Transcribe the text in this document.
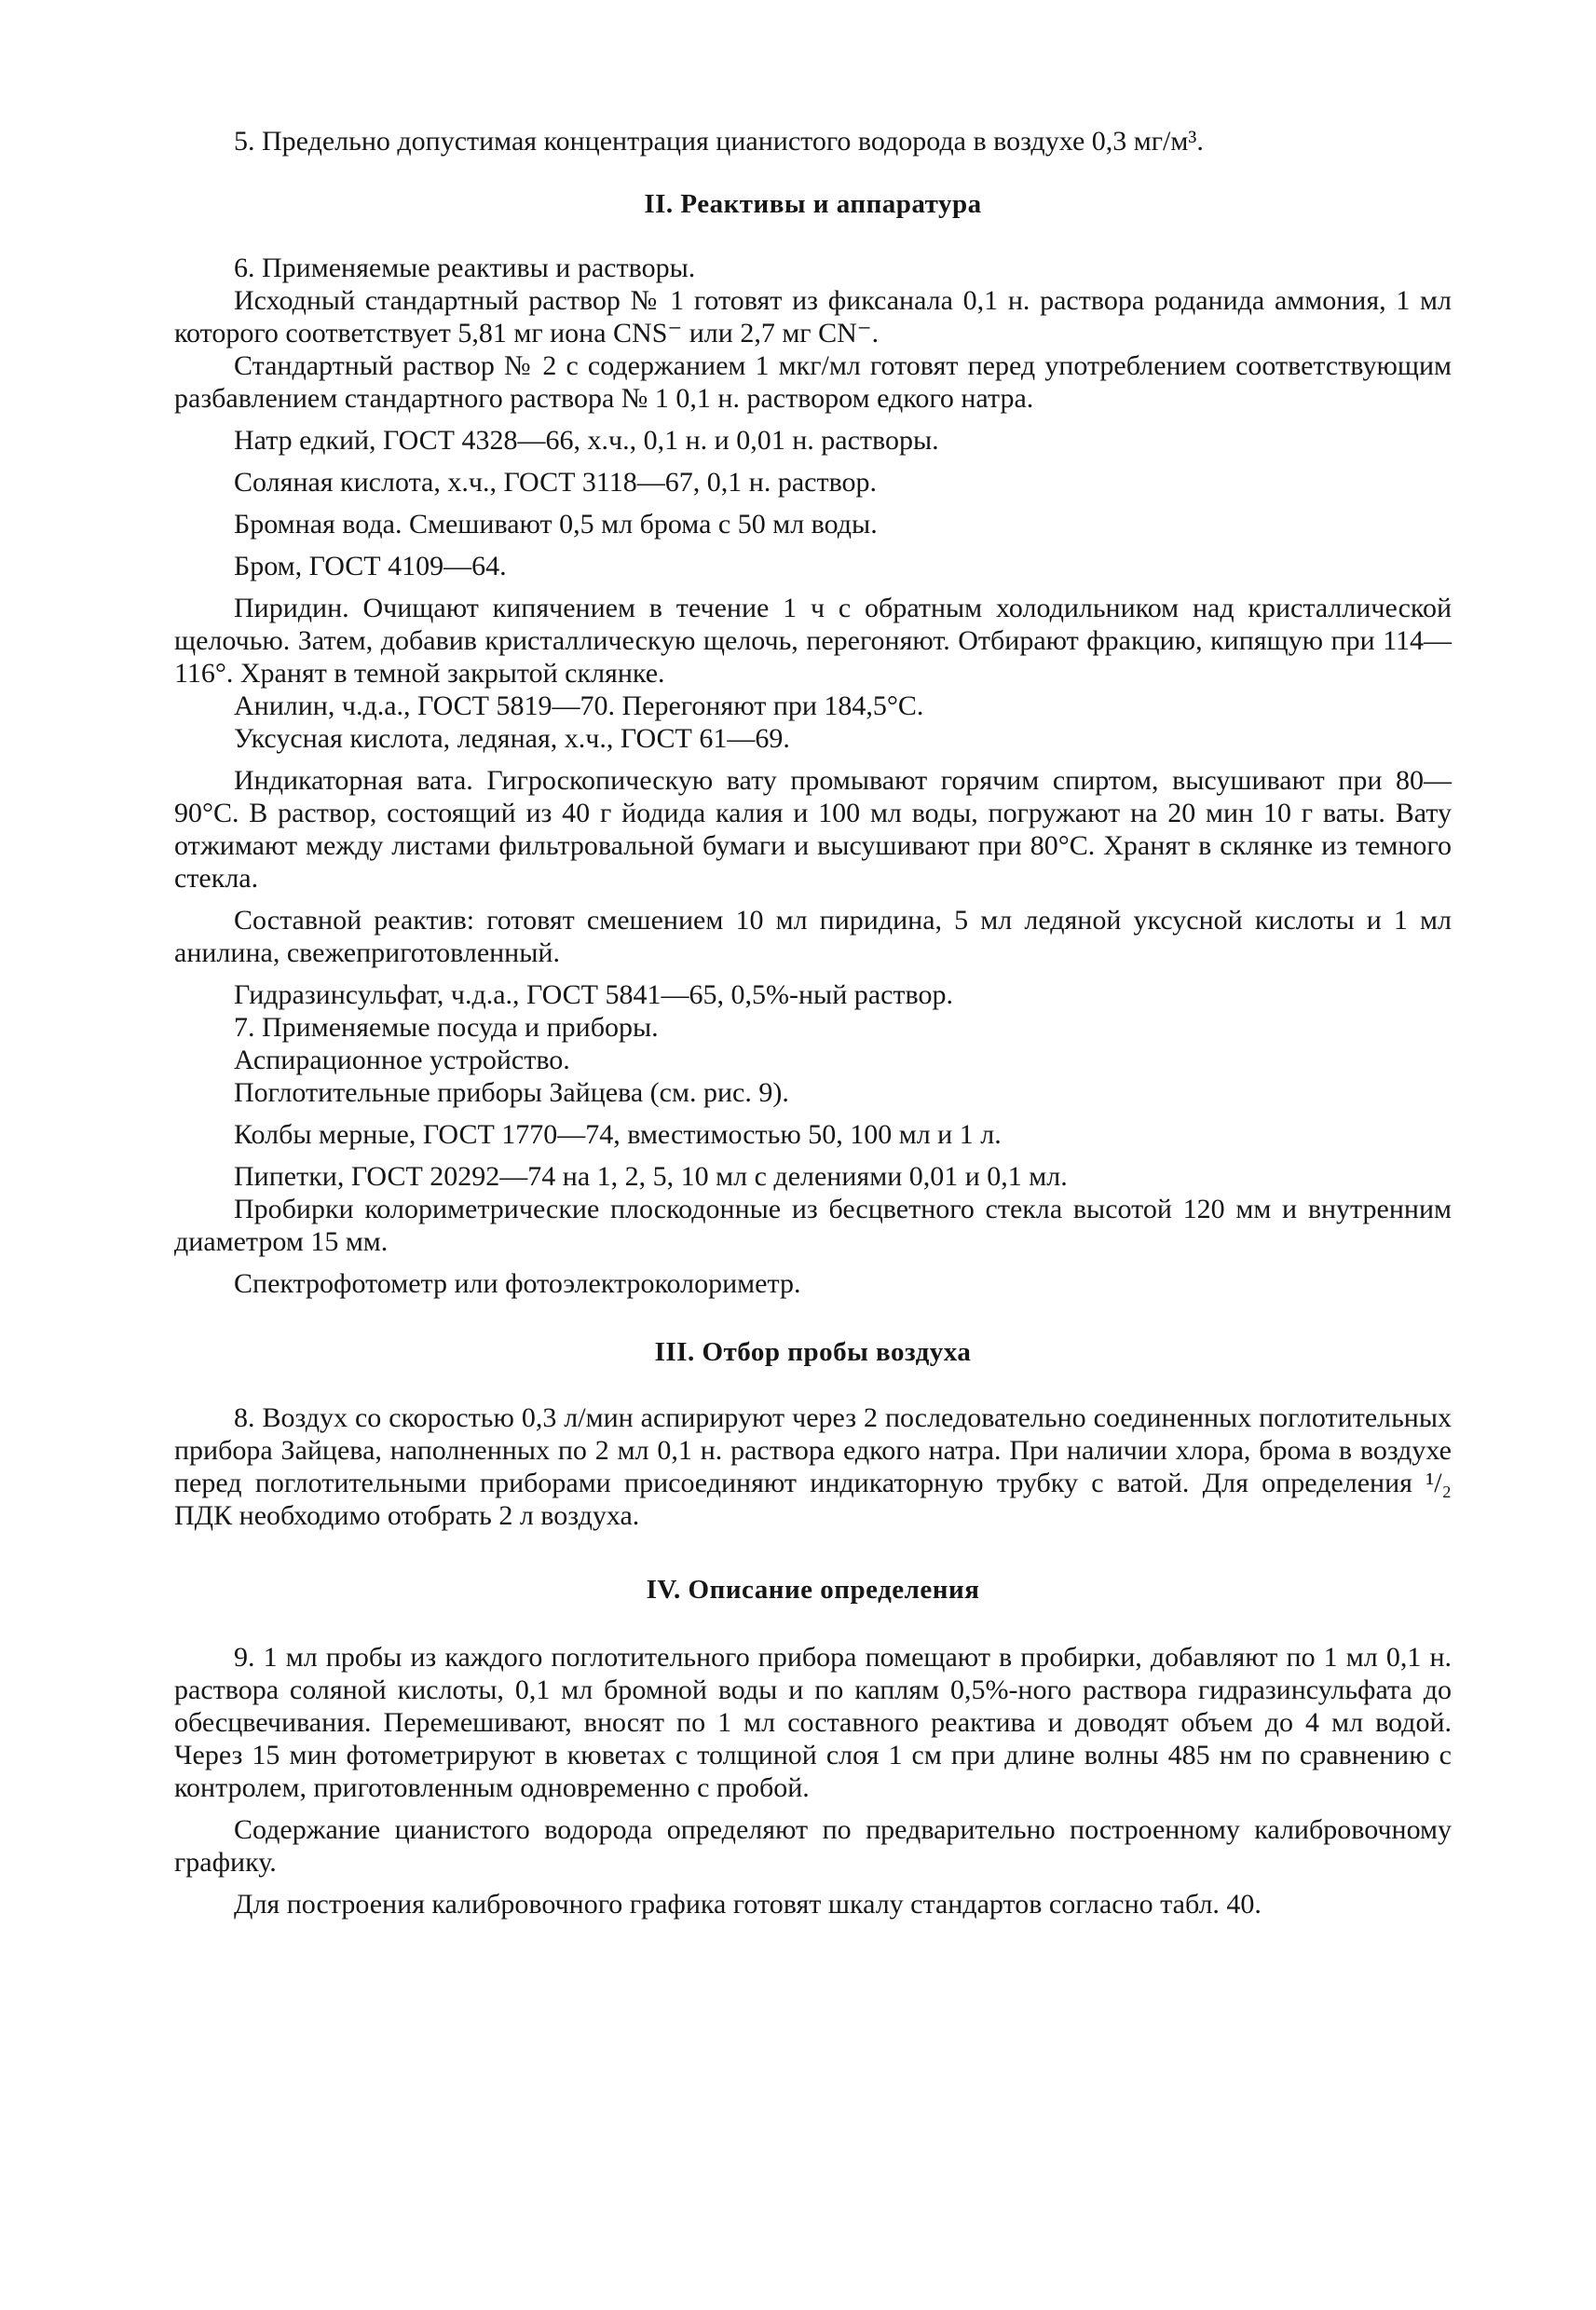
5. Предельно допустимая концентрация цианистого водорода в воздухе 0,3 мг/м³.

II. Реактивы и аппаратура

6. Применяемые реактивы и растворы.

Исходный стандартный раствор № 1 готовят из фиксанала 0,1 н. раствора роданида аммония, 1 мл которого соответствует 5,81 мг иона CNS⁻ или 2,7 мг CN⁻.

Стандартный раствор № 2 с содержанием 1 мкг/мл готовят перед употреблением соответствующим разбавлением стандартного раствора № 1 0,1 н. раствором едкого натра.

Натр едкий, ГОСТ 4328—66, х.ч., 0,1 н. и 0,01 н. растворы.

Соляная кислота, х.ч., ГОСТ 3118—67, 0,1 н. раствор.

Бромная вода. Смешивают 0,5 мл брома с 50 мл воды.

Бром, ГОСТ 4109—64.

Пиридин. Очищают кипячением в течение 1 ч с обратным холодильником над кристаллической щелочью. Затем, добавив кристаллическую щелочь, перегоняют. Отбирают фракцию, кипящую при 114—116°. Хранят в темной закрытой склянке.

Анилин, ч.д.а., ГОСТ 5819—70. Перегоняют при 184,5°С.

Уксусная кислота, ледяная, х.ч., ГОСТ 61—69.

Индикаторная вата. Гигроскопическую вату промывают горячим спиртом, высушивают при 80—90°С. В раствор, состоящий из 40 г йодида калия и 100 мл воды, погружают на 20 мин 10 г ваты. Вату отжимают между листами фильтровальной бумаги и высушивают при 80°С. Хранят в склянке из темного стекла.

Составной реактив: готовят смешением 10 мл пиридина, 5 мл ледяной уксусной кислоты и 1 мл анилина, свежеприготовленный.

Гидразинсульфат, ч.д.а., ГОСТ 5841—65, 0,5%-ный раствор.

7. Применяемые посуда и приборы.

Аспирационное устройство.

Поглотительные приборы Зайцева (см. рис. 9).

Колбы мерные, ГОСТ 1770—74, вместимостью 50, 100 мл и 1 л.

Пипетки, ГОСТ 20292—74 на 1, 2, 5, 10 мл с делениями 0,01 и 0,1 мл.

Пробирки колориметрические плоскодонные из бесцветного стекла высотой 120 мм и внутренним диаметром 15 мм.

Спектрофотометр или фотоэлектроколориметр.

III. Отбор пробы воздуха

8. Воздух со скоростью 0,3 л/мин аспирируют через 2 последовательно соединенных поглотительных прибора Зайцева, наполненных по 2 мл 0,1 н. раствора едкого натра. При наличии хлора, брома в воздухе перед поглотительными приборами присоединяют индикаторную трубку с ватой. Для определения ¹/₂ ПДК необходимо отобрать 2 л воздуха.

IV. Описание определения

9. 1 мл пробы из каждого поглотительного прибора помещают в пробирки, добавляют по 1 мл 0,1 н. раствора соляной кислоты, 0,1 мл бромной воды и по каплям 0,5%-ного раствора гидразинсульфата до обесцвечивания. Перемешивают, вносят по 1 мл составного реактива и доводят объем до 4 мл водой. Через 15 мин фотометрируют в кюветах с толщиной слоя 1 см при длине волны 485 нм по сравнению с контролем, приготовленным одновременно с пробой.

Содержание цианистого водорода определяют по предварительно построенному калибровочному графику.

Для построения калибровочного графика готовят шкалу стандартов согласно табл. 40.
